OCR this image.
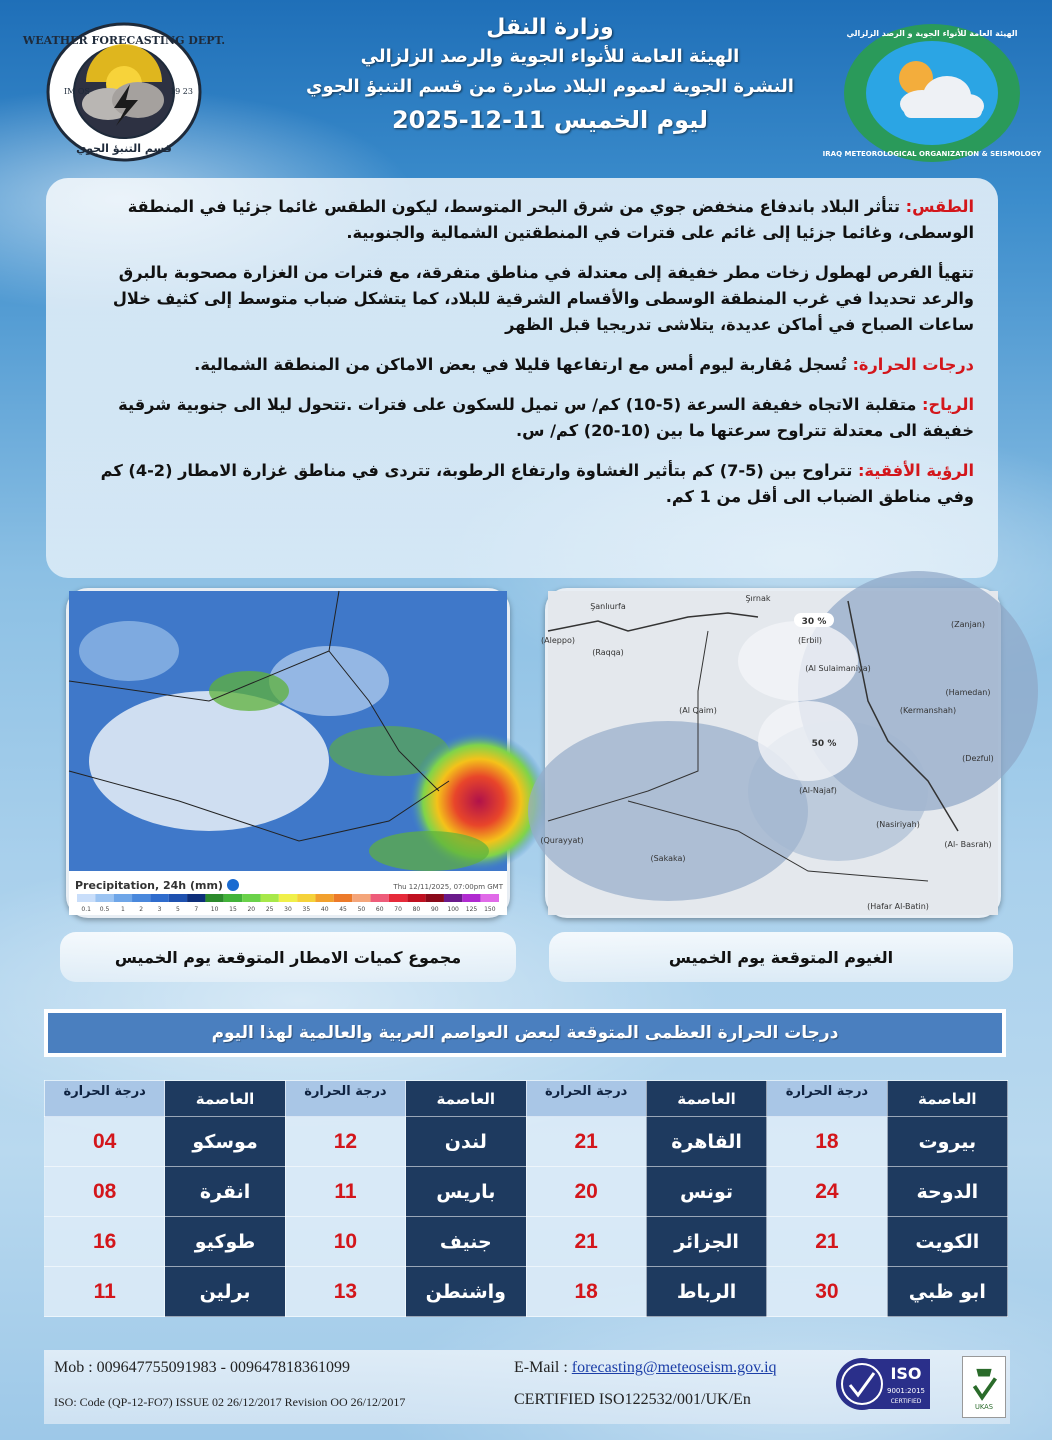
WEATHER FORECASTING DEPT.
IM OS	19 23
قسم التنبؤ الجوي
وزارة النقل
الهيئة العامة للأنواء الجوية والرصد الزلزالي
النشرة الجوية لعموم البلاد صادرة من قسم التنبؤ الجوي
ليوم الخميس 11-12-2025
IRAQ METEOROLOGICAL ORGANIZATION & SEISMOLOGY
الهيئة العامة للأنواء الجوية و الرصد الزلزالي

الطقس: تتأثر البلاد باندفاع منخفض جوي من شرق البحر المتوسط، ليكون الطقس غائما جزئيا في المنطقة الوسطى، وغائما جزئيا إلى غائم على فترات في المنطقتين الشمالية والجنوبية.

تتهيأ الفرص لهطول زخات مطر خفيفة إلى معتدلة في مناطق متفرقة، مع فترات من الغزارة مصحوبة بالبرق والرعد تحديدا في غرب المنطقة الوسطى والأقسام الشرقية للبلاد، كما يتشكل ضباب متوسط إلى كثيف خلال ساعات الصباح في أماكن عديدة، يتلاشى تدريجيا قبل الظهر

درجات الحرارة: تُسجل مُقاربة ليوم أمس مع ارتفاعها قليلا في بعض الاماكن من المنطقة الشمالية.

الرياح: متقلبة الاتجاه خفيفة السرعة (5-10) كم/ س تميل للسكون على فترات .تتحول ليلا الى جنوبية شرقية خفيفة الى معتدلة تتراوح سرعتها ما بين (10-20) كم/ س.

الرؤية الأفقية: تتراوح بين (5-7) كم بتأثير الغشاوة وارتفاع الرطوبة، تتردى في مناطق غزارة الامطار (2-4) كم وفي مناطق الضباب الى أقل من 1 كم.

Precipitation, 24h (mm)	Thu 12/11/2025, 07:00pm GMT
0.1 0.5 1 2 3 5 7 10 15 20 25 30 35 40 45 50 60 70 80 90 100 125 150
Şanlıurfa
Şırnak
(Aleppo)
(Raqqa)
(Erbil)
(Zanjan)
(Al Sulaimaniya)
(Hamedan)
(Kermanshah)
(Al Qaim)
(Dezful)
(Al-Najaf)
(Nasiriyah)
(Al- Basrah)
(Qurayyat)
(Sakaka)
(Hafar Al-Batin)
30 %
50 %
مجموع كميات الامطار المتوقعة يوم الخميس	الغيوم المتوقعة يوم الخميس
درجات الحرارة العظمى المتوقعة لبعض العواصم العربية والعالمية لهذا اليوم
العاصمة	درجة الحرارة	العاصمة	درجة الحرارة	العاصمة	درجة الحرارة	العاصمة	درجة الحرارة
بيروت	18	القاهرة	21	لندن	12	موسكو	04
الدوحة	24	تونس	20	باريس	11	انقرة	08
الكويت	21	الجزائر	21	جنيف	10	طوكيو	16
ابو ظبي	30	الرباط	18	واشنطن	13	برلين	11
Mob : 009647755091983 - 009647818361099	E-Mail : forecasting@meteoseism.gov.iq
ISO: Code (QP-12-FO7) ISSUE 02 26/12/2017 Revision OO 26/12/2017	CERTIFIED ISO122532/001/UK/En
ISO
9001:2015
CERTIFIED
UKAS
